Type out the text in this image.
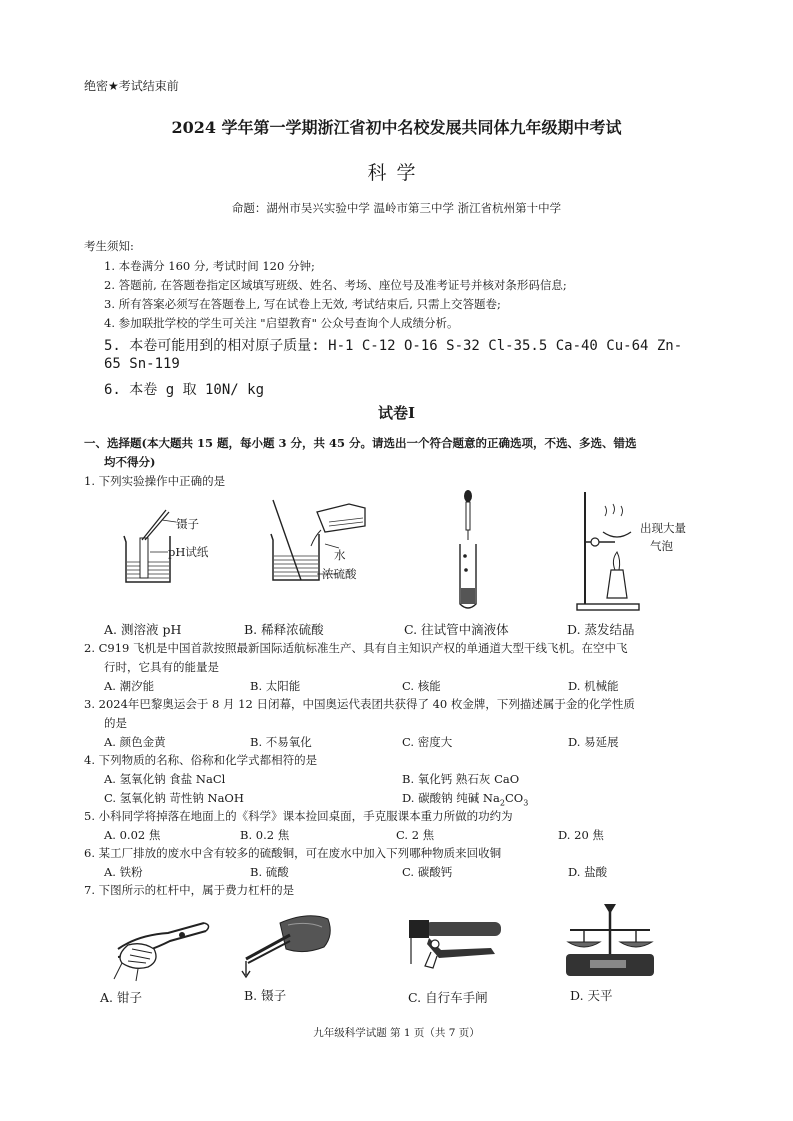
绝密★考试结束前
2024 学年第一学期浙江省初中名校发展共同体九年级期中考试
科学
命题：湖州市吴兴实验中学 温岭市第三中学 浙江省杭州第十中学
考生须知:
1. 本卷满分 160 分, 考试时间 120 分钟;
2. 答题前, 在答题卷指定区域填写班级、姓名、考场、座位号及准考证号并核对条形码信息;
3. 所有答案必须写在答题卷上, 写在试卷上无效, 考试结束后, 只需上交答题卷;
4. 参加联批学校的学生可关注 "启望教育" 公众号查询个人成绩分析。
5. 本卷可能用到的相对原子质量: H-1 C-12 O-16 S-32 Cl-35.5 Ca-40 Cu-64 Zn-
65 Sn-119
6. 本卷 g 取 10N/ kg
试卷Ⅰ
一、选择题(本大题共 15 题，每小题 3 分，共 45 分。请选出一个符合题意的正确选项，不选、多选、错选
均不得分)
1. 下列实验操作中正确的是
镊子
pH试纸	水
浓硫酸
出现大量
气泡
A. 测溶液 pH	B. 稀释浓硫酸	C. 往试管中滴液体	D. 蒸发结晶
2. C919 飞机是中国首款按照最新国际适航标准生产、具有自主知识产权的单通道大型干线飞机。在空中飞
行时，它具有的能量是
A. 潮汐能	B. 太阳能	C. 核能	D. 机械能
3. 2024年巴黎奥运会于 8 月 12 日闭幕，中国奥运代表团共获得了 40 枚金牌，下列描述属于金的化学性质
的是
A. 颜色金黄	B. 不易氧化	C. 密度大	D. 易延展
4. 下列物质的名称、俗称和化学式都相符的是
A. 氢氧化钠 食盐 NaCl	B. 氧化钙 熟石灰 CaO
C. 氢氧化钠 苛性钠 NaOH	D. 碳酸钠 纯碱 $Na_2CO_3$
5. 小科同学将掉落在地面上的《科学》课本捡回桌面，手克服课本重力所做的功约为
A. 0.02 焦	B. 0.2 焦	C. 2 焦	D. 20 焦
6. 某工厂排放的废水中含有较多的硫酸铜，可在废水中加入下列哪种物质来回收铜
A. 铁粉	B. 硫酸	C. 碳酸钙	D. 盐酸
7. 下图所示的杠杆中，属于费力杠杆的是
A. 钳子	B. 镊子	C. 自行车手闸	D. 天平
九年级科学试题 第 1 页（共 7 页）
